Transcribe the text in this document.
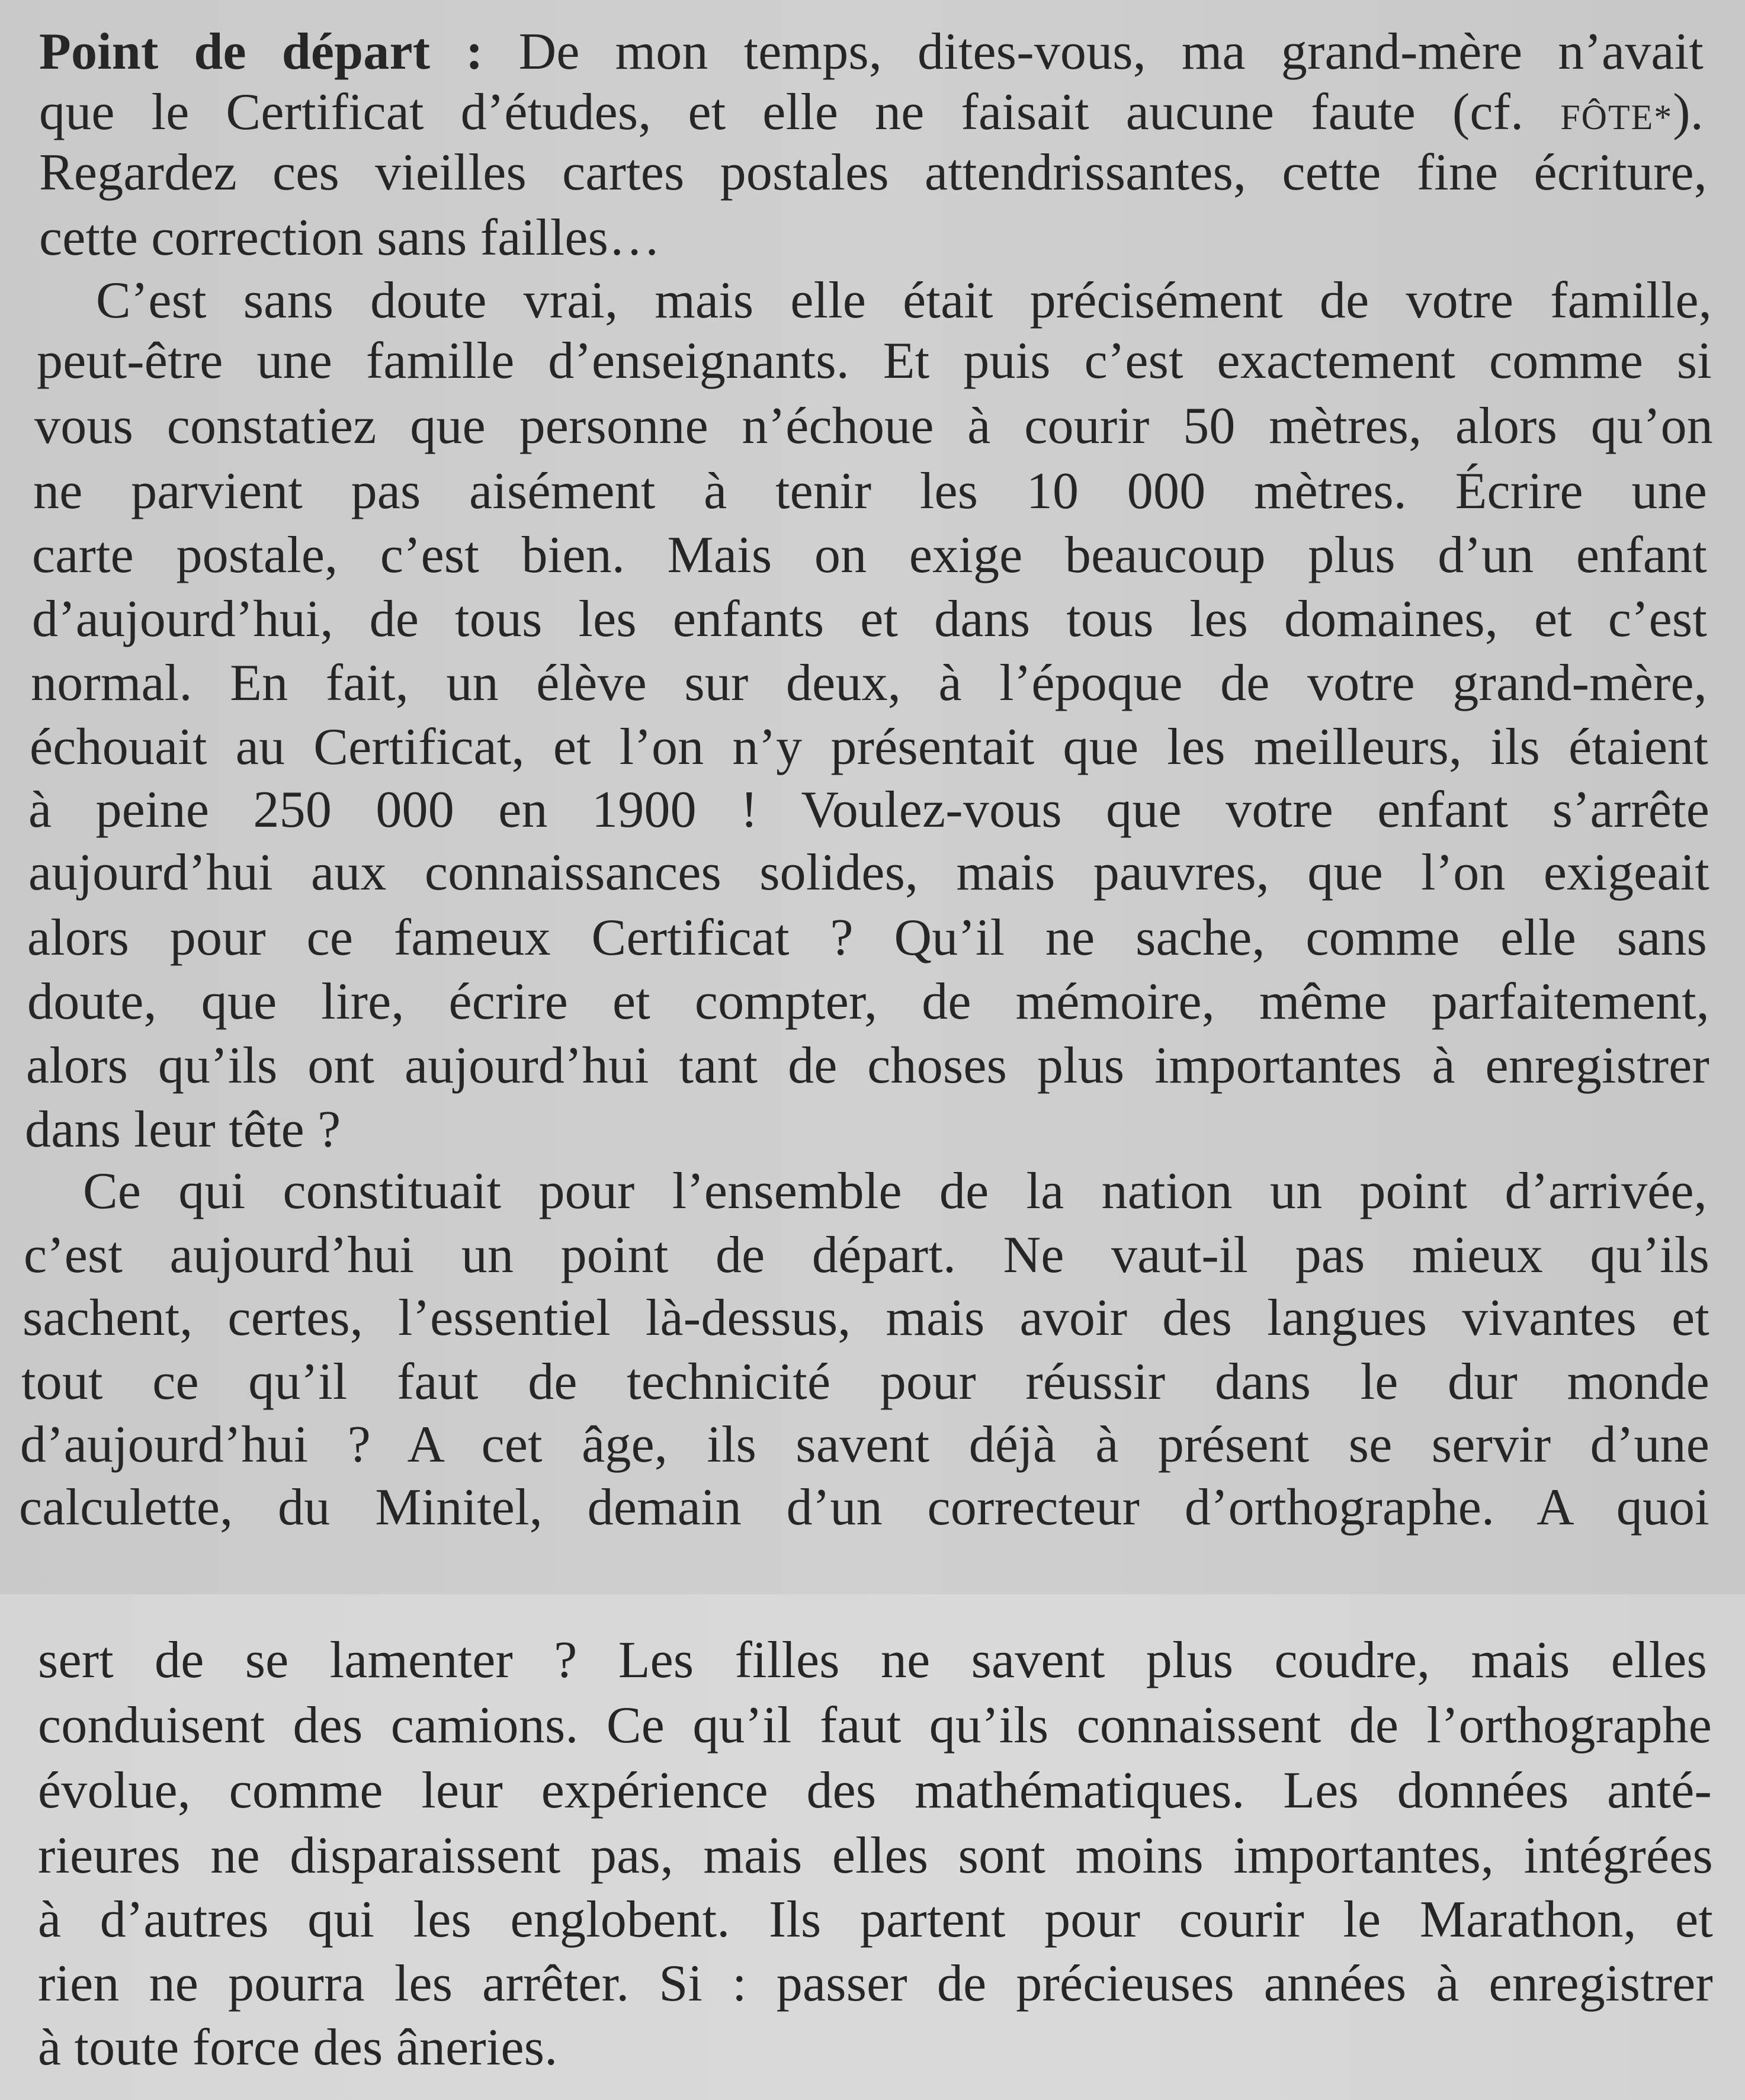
Point de départ : De mon temps, dites-vous, ma grand-mère n’avait

que le Certificat d’études, et elle ne faisait aucune faute (cf. FÔTE*).

Regardez ces vieilles cartes postales attendrissantes, cette fine écriture,

cette correction sans failles…

C’est sans doute vrai, mais elle était précisément de votre famille,

peut-être une famille d’enseignants. Et puis c’est exactement comme si

vous constatiez que personne n’échoue à courir 50 mètres, alors qu’on

ne parvient pas aisément à tenir les 10 000 mètres. Écrire une

carte postale, c’est bien. Mais on exige beaucoup plus d’un enfant

d’aujourd’hui, de tous les enfants et dans tous les domaines, et c’est

normal. En fait, un élève sur deux, à l’époque de votre grand-mère,

échouait au Certificat, et l’on n’y présentait que les meilleurs, ils étaient

à peine 250 000 en 1900 ! Voulez-vous que votre enfant s’arrête

aujourd’hui aux connaissances solides, mais pauvres, que l’on exigeait

alors pour ce fameux Certificat ? Qu’il ne sache, comme elle sans

doute, que lire, écrire et compter, de mémoire, même parfaitement,

alors qu’ils ont aujourd’hui tant de choses plus importantes à enregistrer

dans leur tête ?

Ce qui constituait pour l’ensemble de la nation un point d’arrivée,

c’est aujourd’hui un point de départ. Ne vaut-il pas mieux qu’ils

sachent, certes, l’essentiel là-dessus, mais avoir des langues vivantes et

tout ce qu’il faut de technicité pour réussir dans le dur monde

d’aujourd’hui ? A cet âge, ils savent déjà à présent se servir d’une

calculette, du Minitel, demain d’un correcteur d’orthographe. A quoi

sert de se lamenter ? Les filles ne savent plus coudre, mais elles

conduisent des camions. Ce qu’il faut qu’ils connaissent de l’orthographe

évolue, comme leur expérience des mathématiques. Les données anté-

rieures ne disparaissent pas, mais elles sont moins importantes, intégrées

à d’autres qui les englobent. Ils partent pour courir le Marathon, et

rien ne pourra les arrêter. Si : passer de précieuses années à enregistrer

à toute force des âneries.
